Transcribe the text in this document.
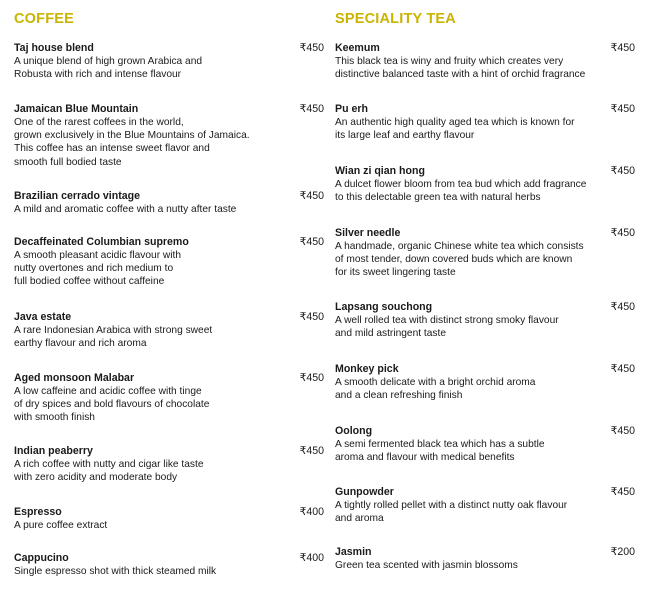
COFFEE
Taj house blend	₹450
A unique blend of high grown Arabica and
Robusta with rich and intense flavour
Jamaican Blue Mountain	₹450
One of the rarest coffees in the world,
grown exclusively in the Blue Mountains of Jamaica.
This coffee has an intense sweet flavor and
smooth full bodied taste
Brazilian cerrado vintage	₹450
A mild and aromatic coffee with a nutty after taste
Decaffeinated Columbian supremo	₹450
A smooth pleasant acidic flavour with
nutty overtones and rich medium to
full bodied coffee without caffeine
Java estate	₹450
A rare Indonesian Arabica with strong sweet
earthy flavour and rich aroma
Aged monsoon Malabar	₹450
A low caffeine and acidic coffee with tinge
of dry spices and bold flavours of chocolate
with smooth finish
Indian peaberry	₹450
A rich coffee with nutty and cigar like taste
with zero acidity and moderate body
Espresso	₹400
A pure coffee extract
Cappucino	₹400
Single espresso shot with thick steamed milk
SPECIALITY TEA
Keemum	₹450
This black tea is winy and fruity which creates very
distinctive balanced taste with a hint of orchid fragrance
Pu erh	₹450
An authentic high quality aged tea which is known for
its large leaf and earthy flavour
Wian zi qian hong	₹450
A dulcet flower bloom from tea bud which add fragrance
to this delectable green tea with natural herbs
Silver needle	₹450
A handmade, organic Chinese white tea which consists
of most tender, down covered buds which are known
for its sweet lingering taste
Lapsang souchong	₹450
A well rolled tea with distinct strong smoky flavour
and mild astringent taste
Monkey pick	₹450
A smooth delicate with a bright orchid aroma
and a clean refreshing finish
Oolong	₹450
A semi fermented black tea which has a subtle
aroma and flavour with medical benefits
Gunpowder	₹450
A tightly rolled pellet with a distinct nutty oak flavour
and aroma
Jasmin	₹200
Green tea scented with jasmin blossoms
